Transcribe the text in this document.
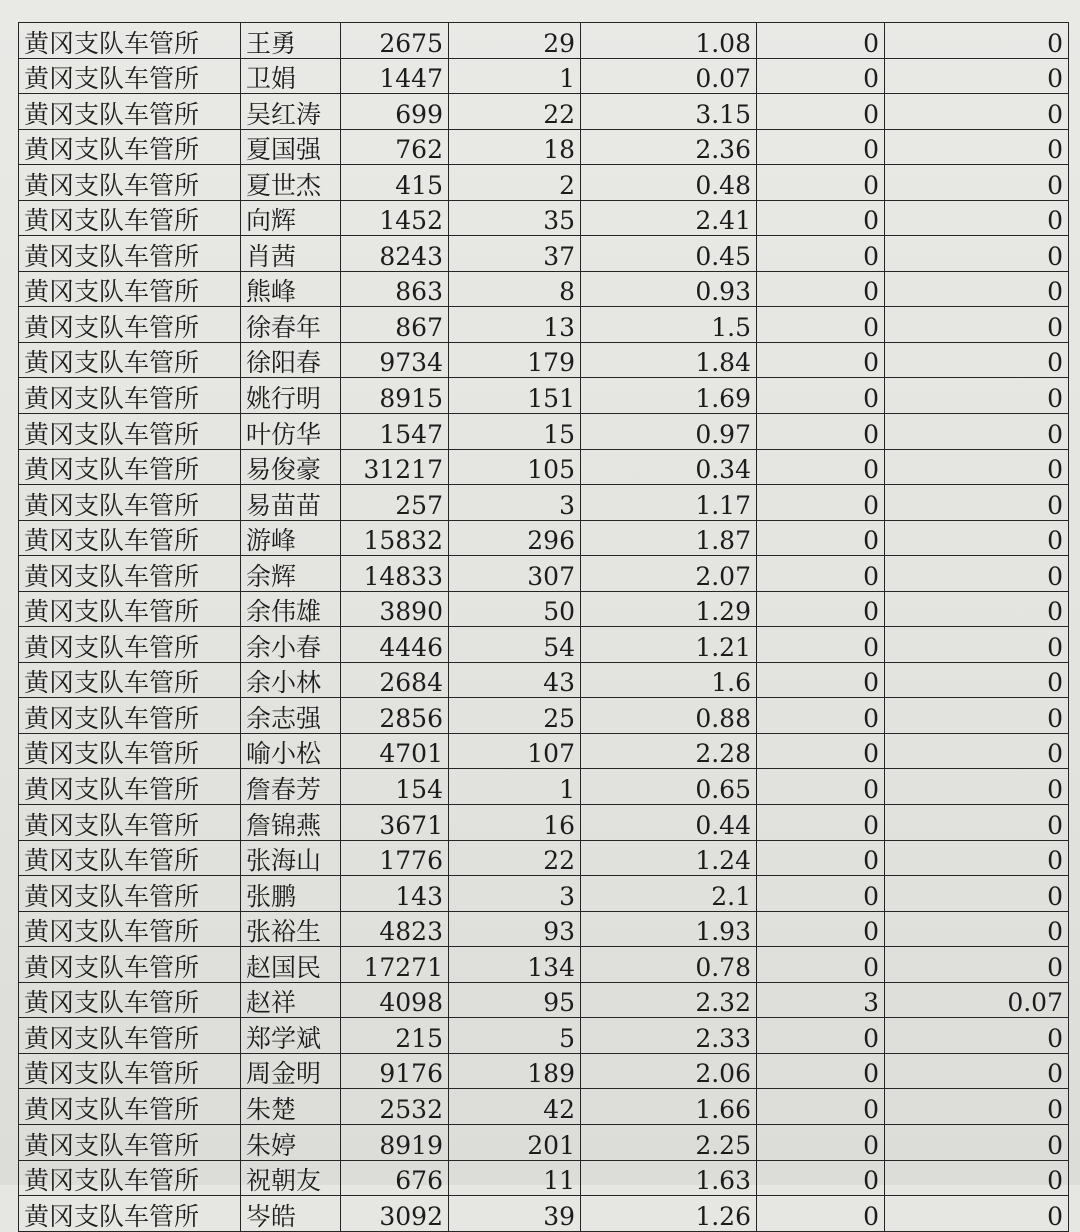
黄冈支队车管所	王勇	2675	29	1.08	0	0
黄冈支队车管所	卫娟	1447	1	0.07	0	0
黄冈支队车管所	吴红涛	699	22	3.15	0	0
黄冈支队车管所	夏国强	762	18	2.36	0	0
黄冈支队车管所	夏世杰	415	2	0.48	0	0
黄冈支队车管所	向辉	1452	35	2.41	0	0
黄冈支队车管所	肖茜	8243	37	0.45	0	0
黄冈支队车管所	熊峰	863	8	0.93	0	0
黄冈支队车管所	徐春年	867	13	1.5	0	0
黄冈支队车管所	徐阳春	9734	179	1.84	0	0
黄冈支队车管所	姚行明	8915	151	1.69	0	0
黄冈支队车管所	叶仿华	1547	15	0.97	0	0
黄冈支队车管所	易俊豪	31217	105	0.34	0	0
黄冈支队车管所	易苗苗	257	3	1.17	0	0
黄冈支队车管所	游峰	15832	296	1.87	0	0
黄冈支队车管所	余辉	14833	307	2.07	0	0
黄冈支队车管所	余伟雄	3890	50	1.29	0	0
黄冈支队车管所	余小春	4446	54	1.21	0	0
黄冈支队车管所	余小林	2684	43	1.6	0	0
黄冈支队车管所	余志强	2856	25	0.88	0	0
黄冈支队车管所	喻小松	4701	107	2.28	0	0
黄冈支队车管所	詹春芳	154	1	0.65	0	0
黄冈支队车管所	詹锦燕	3671	16	0.44	0	0
黄冈支队车管所	张海山	1776	22	1.24	0	0
黄冈支队车管所	张鹏	143	3	2.1	0	0
黄冈支队车管所	张裕生	4823	93	1.93	0	0
黄冈支队车管所	赵国民	17271	134	0.78	0	0
黄冈支队车管所	赵祥	4098	95	2.32	3	0.07
黄冈支队车管所	郑学斌	215	5	2.33	0	0
黄冈支队车管所	周金明	9176	189	2.06	0	0
黄冈支队车管所	朱楚	2532	42	1.66	0	0
黄冈支队车管所	朱婷	8919	201	2.25	0	0
黄冈支队车管所	祝朝友	676	11	1.63	0	0
黄冈支队车管所	岑皓	3092	39	1.26	0	0
